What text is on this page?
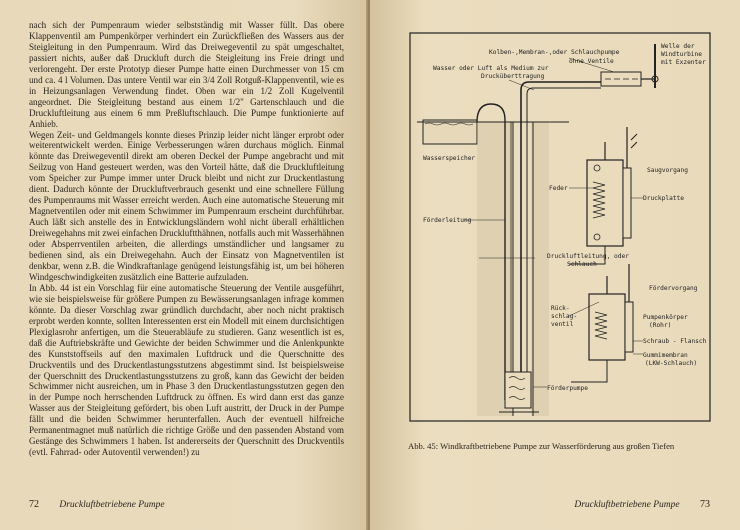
nach sich der Pumpenraum wieder selbstständig mit Wasser füllt. Das obere Klappenventil am Pumpenkörper verhindert ein Zurückfließen des Wassers aus der Steigleitung in den Pumpenraum. Wird das Dreiwegeventil zu spät umgeschaltet, passiert nichts, außer daß Druckluft durch die Steigleitung ins Freie dringt und verlorengeht. Der erste Prototyp dieser Pumpe hatte einen Durchmesser von 15 cm und ca. 4 l Volumen. Das untere Ventil war ein 3/4 Zoll Rotguß-Klappenventil, wie es in Heizungsanlagen Verwendung findet. Oben war ein 1/2 Zoll Kugelventil angeordnet. Die Steigleitung bestand aus einem 1/2" Gartenschlauch und die Druckluftleitung aus einem 6 mm Preßluftschlauch. Die Pumpe funktionierte auf Anhieb.

Wegen Zeit- und Geldmangels konnte dieses Prinzip leider nicht länger erprobt oder weiterentwickelt werden. Einige Verbesserungen wären durchaus möglich. Einmal könnte das Dreiwegeventil direkt am oberen Deckel der Pumpe angebracht und mit Seilzug von Hand gesteuert werden, was den Vorteil hätte, daß die Druckluftleitung vom Speicher zur Pumpe immer unter Druck bleibt und nicht zur Druckentlastung dient. Dadurch könnte der Druckluftverbrauch gesenkt und eine schnellere Füllung des Pumpenraums mit Wasser erreicht werden. Auch eine automatische Steuerung mit Magnetventilen oder mit einem Schwimmer im Pumpenraum erscheint durchführbar. Auch läßt sich anstelle des in Entwicklungsländern wohl nicht überall erhältlichen Dreiwegehahns mit zwei einfachen Druckluftthähnen, notfalls auch mit Wasserhähnen oder Absperrventilen arbeiten, die allerdings umständlicher und langsamer zu bedienen sind, als ein Dreiwegehahn. Auch der Einsatz von Magnetventilen ist denkbar, wenn z.B. die Windkraftanlage genügend leistungsfähig ist, um bei höheren Windgeschwindigkeiten zusätzlich eine Batterie aufzuladen.

In Abb. 44 ist ein Vorschlag für eine automatische Steuerung der Ventile ausgeführt, wie sie beispielsweise für größere Pumpen zu Bewässerungsanlagen infrage kommen könnte. Da dieser Vorschlag zwar gründlich durchdacht, aber noch nicht praktisch erprobt werden konnte, sollten Interessenten erst ein Modell mit einem durchsichtigen Plexiglasrohr anfertigen, um die Steuerabläufe zu studieren. Ganz wesentlich ist es, daß die Auftriebskräfte und Gewichte der beiden Schwimmer und die Anlenkpunkte des Kunststoffseils auf den maximalen Luftdruck und die Querschnitte des Druckventils und des Druckentlastungsstutzens abgestimmt sind. Ist beispielsweise der Querschnitt des Druckentlastungsstutzens zu groß, kann das Gewicht der beiden Schwimmer nicht ausreichen, um in Phase 3 den Druckentlastungsstutzen gegen den in der Pumpe noch herrschenden Luftdruck zu öffnen. Es wird dann erst das ganze Wasser aus der Steigleitung gefördert, bis oben Luft austritt, der Druck in der Pumpe fällt und die beiden Schwimmer herunterfallen. Auch der eventuell hilfreiche Permanentmagnet muß natürlich die richtige Größe und den passenden Abstand vom Gestänge des Schwimmers 1 haben. Ist andererseits der Querschnitt des Druckventils (evtl. Fahrrad- oder Autoventil verwenden!) zu

72 Druckluftbetriebene Pumpe
Kolben-,Membran-,oder Schlauchpumpe
ohne Ventile
Welle der
Windturbine
mit Exzenter
Wasser oder Luft als Medium zur
Drucküberttragung
Wasserspeicher
Förderleitung
Saugvorgang
Feder
Druckplatte
Druckluftleitung, oder
Schlauch
Fördervorgang
Rück-
schlag-
ventil
Pumpenkörper
(Rohr)
Schraub - Flansch
Gummimembran
(LKW-Schlauch)
Förderpumpe
Abb. 45: Windkraftbetriebene Pumpe zur Wasserförderung aus großen Tiefen
Druckluftbetriebene Pumpe 73
